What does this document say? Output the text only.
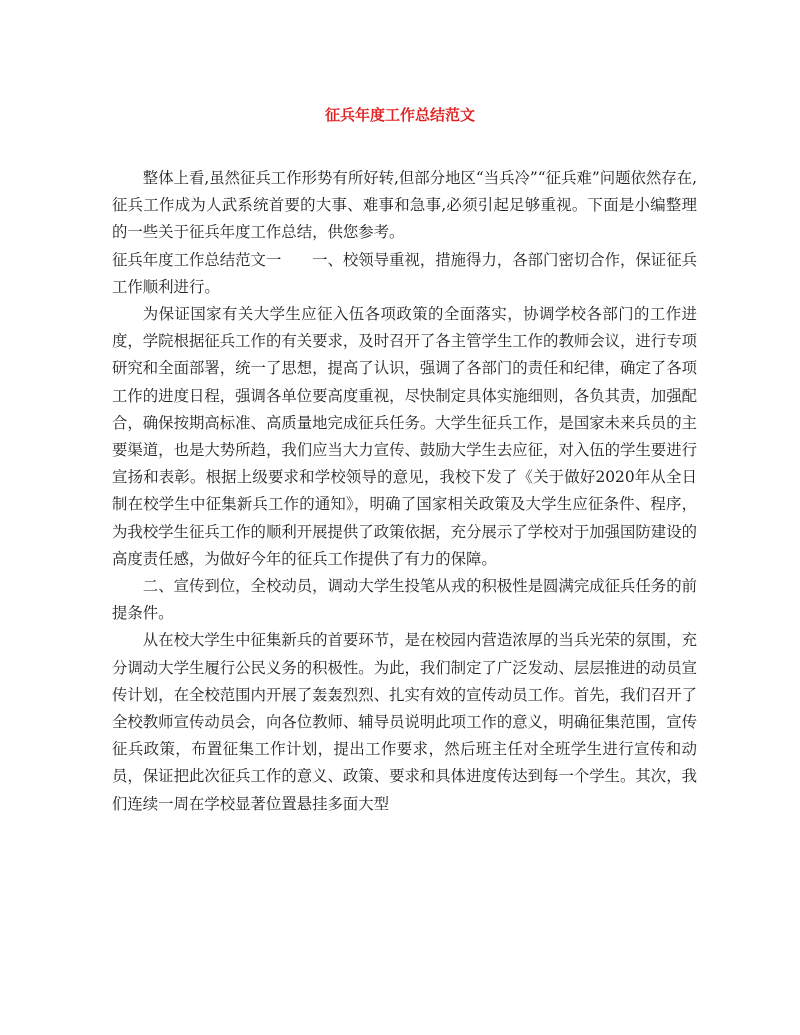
征兵年度工作总结范文

整体上看,虽然征兵工作形势有所好转,但部分地区“当兵冷”“征兵难”问题依然存在,征兵工作成为人武系统首要的大事、难事和急事,必须引起足够重视。下面是小编整理的一些关于征兵年度工作总结，供您参考。

征兵年度工作总结范文一　　一、校领导重视，措施得力，各部门密切合作，保证征兵工作顺利进行。

为保证国家有关大学生应征入伍各项政策的全面落实，协调学校各部门的工作进度，学院根据征兵工作的有关要求，及时召开了各主管学生工作的教师会议，进行专项研究和全面部署，统一了思想，提高了认识，强调了各部门的责任和纪律，确定了各项工作的进度日程，强调各单位要高度重视，尽快制定具体实施细则，各负其责，加强配合，确保按期高标准、高质量地完成征兵任务。大学生征兵工作，是国家未来兵员的主要渠道，也是大势所趋，我们应当大力宣传、鼓励大学生去应征，对入伍的学生要进行宣扬和表彰。根据上级要求和学校领导的意见，我校下发了《关于做好2020年从全日制在校学生中征集新兵工作的通知》，明确了国家相关政策及大学生应征条件、程序，为我校学生征兵工作的顺利开展提供了政策依据，充分展示了学校对于加强国防建设的高度责任感，为做好今年的征兵工作提供了有力的保障。

二、宣传到位，全校动员，调动大学生投笔从戎的积极性是圆满完成征兵任务的前提条件。

从在校大学生中征集新兵的首要环节，是在校园内营造浓厚的当兵光荣的氛围，充分调动大学生履行公民义务的积极性。为此，我们制定了广泛发动、层层推进的动员宣传计划，在全校范围内开展了轰轰烈烈、扎实有效的宣传动员工作。首先，我们召开了全校教师宣传动员会，向各位教师、辅导员说明此项工作的意义，明确征集范围，宣传征兵政策，布置征集工作计划，提出工作要求，然后班主任对全班学生进行宣传和动员，保证把此次征兵工作的意义、政策、要求和具体进度传达到每一个学生。其次，我们连续一周在学校显著位置悬挂多面大型
